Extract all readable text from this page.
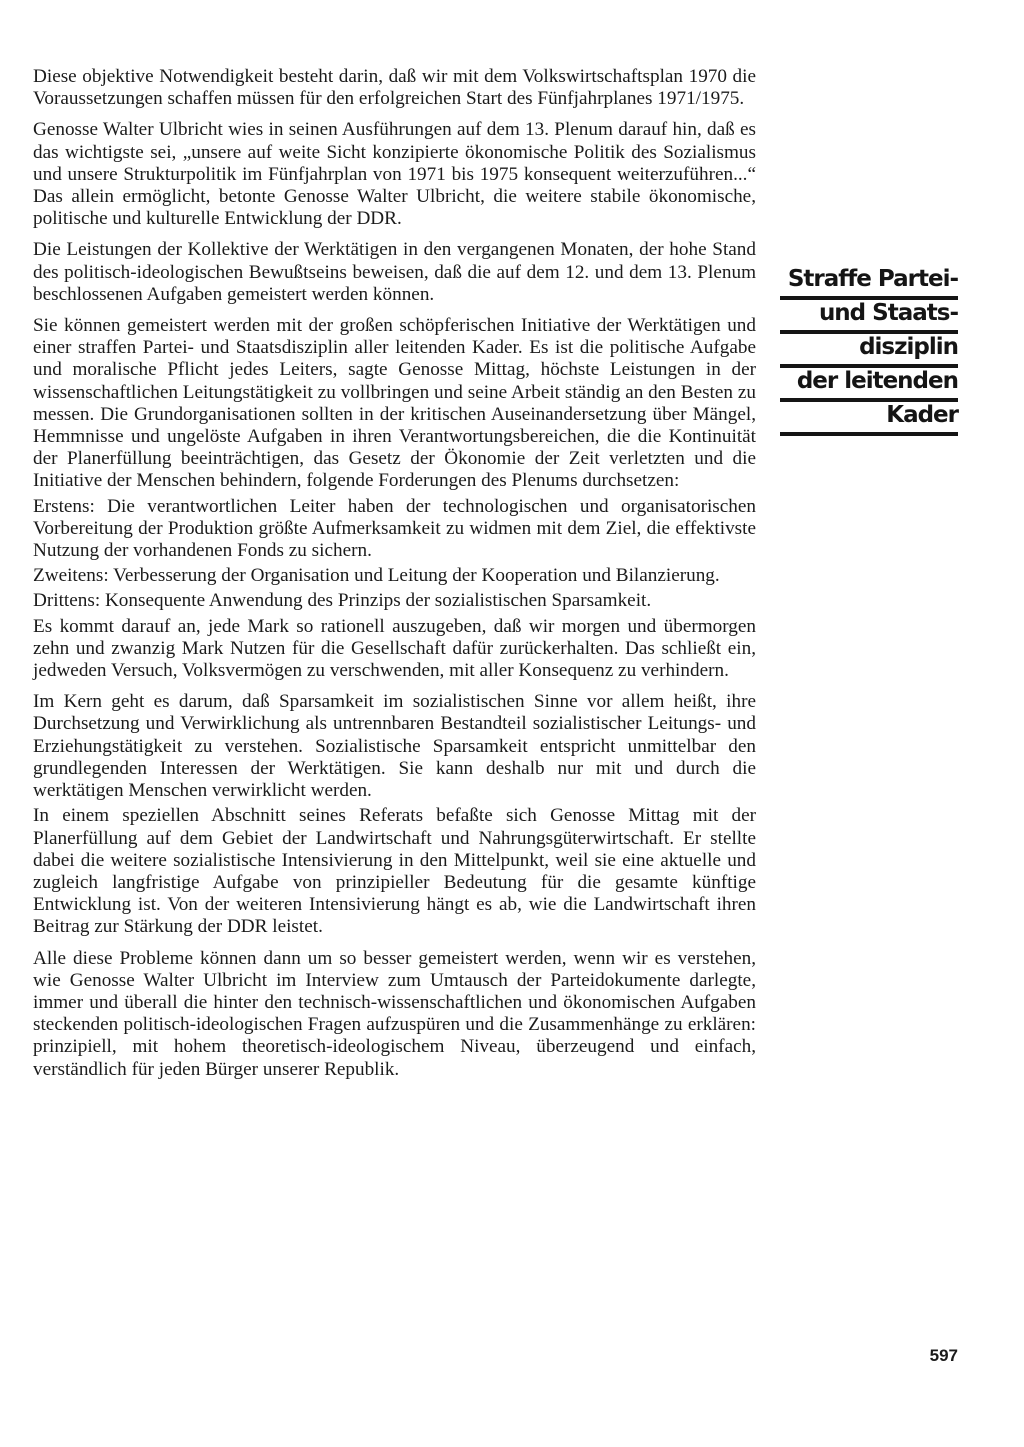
Diese objektive Notwendigkeit besteht darin, daß wir mit dem Volkswirtschaftsplan 1970 die Voraussetzungen schaffen müssen für den erfolgreichen Start des Fünfjahrplanes 1971/1975.

Genosse Walter Ulbricht wies in seinen Ausführungen auf dem 13. Plenum darauf hin, daß es das wichtigste sei, „unsere auf weite Sicht konzipierte ökonomische Politik des Sozialismus und unsere Strukturpolitik im Fünfjahrplan von 1971 bis 1975 konsequent weiterzuführen...“ Das allein ermöglicht, betonte Genosse Walter Ulbricht, die weitere stabile ökonomische, politische und kulturelle Entwicklung der DDR.

Die Leistungen der Kollektive der Werktätigen in den vergangenen Monaten, der hohe Stand des politisch-ideologischen Bewußtseins beweisen, daß die auf dem 12. und dem 13. Plenum beschlossenen Aufgaben gemeistert werden können.

Sie können gemeistert werden mit der großen schöpferischen Initiative der Werktätigen und einer straffen Partei- und Staatsdisziplin aller leitenden Kader. Es ist die politische Aufgabe und moralische Pflicht jedes Leiters, sagte Genosse Mittag, höchste Leistungen in der wissenschaftlichen Leitungstätigkeit zu vollbringen und seine Arbeit ständig an den Besten zu messen. Die Grundorganisationen sollten in der kritischen Auseinandersetzung über Mängel, Hemmnisse und ungelöste Aufgaben in ihren Verantwortungsbereichen, die die Kontinuität der Planerfüllung beeinträchtigen, das Gesetz der Ökonomie der Zeit verletzten und die Initiative der Menschen behindern, folgende Forderungen des Plenums durchsetzen:

Erstens: Die verantwortlichen Leiter haben der technologischen und organisatorischen Vorbereitung der Produktion größte Aufmerksamkeit zu widmen mit dem Ziel, die effektivste Nutzung der vorhandenen Fonds zu sichern.

Zweitens: Verbesserung der Organisation und Leitung der Kooperation und Bilanzierung.

Drittens: Konsequente Anwendung des Prinzips der sozialistischen Sparsamkeit.

Es kommt darauf an, jede Mark so rationell auszugeben, daß wir morgen und übermorgen zehn und zwanzig Mark Nutzen für die Gesellschaft dafür zurückerhalten. Das schließt ein, jedweden Versuch, Volksvermögen zu verschwenden, mit aller Konsequenz zu verhindern.

Im Kern geht es darum, daß Sparsamkeit im sozialistischen Sinne vor allem heißt, ihre Durchsetzung und Verwirklichung als untrennbaren Bestandteil sozialistischer Leitungs- und Erziehungstätigkeit zu verstehen. Sozialistische Sparsamkeit entspricht unmittelbar den grundlegenden Interessen der Werktätigen. Sie kann deshalb nur mit und durch die werktätigen Menschen verwirklicht werden.

In einem speziellen Abschnitt seines Referats befaßte sich Genosse Mittag mit der Planerfüllung auf dem Gebiet der Landwirtschaft und Nahrungsgüterwirtschaft. Er stellte dabei die weitere sozialistische Intensivierung in den Mittelpunkt, weil sie eine aktuelle und zugleich langfristige Aufgabe von prinzipieller Bedeutung für die gesamte künftige Entwicklung ist. Von der weiteren Intensivierung hängt es ab, wie die Landwirtschaft ihren Beitrag zur Stärkung der DDR leistet.

Alle diese Probleme können dann um so besser gemeistert werden, wenn wir es verstehen, wie Genosse Walter Ulbricht im Interview zum Umtausch der Parteidokumente darlegte, immer und überall die hinter den technisch-wissenschaftlichen und ökonomischen Aufgaben steckenden politisch-ideologischen Fragen aufzuspüren und die Zusammenhänge zu erklären: prinzipiell, mit hohem theoretisch-ideologischem Niveau, überzeugend und einfach, verständlich für jeden Bürger unserer Republik.

Straffe Partei-
und Staats-
disziplin
der leitenden
Kader
597
